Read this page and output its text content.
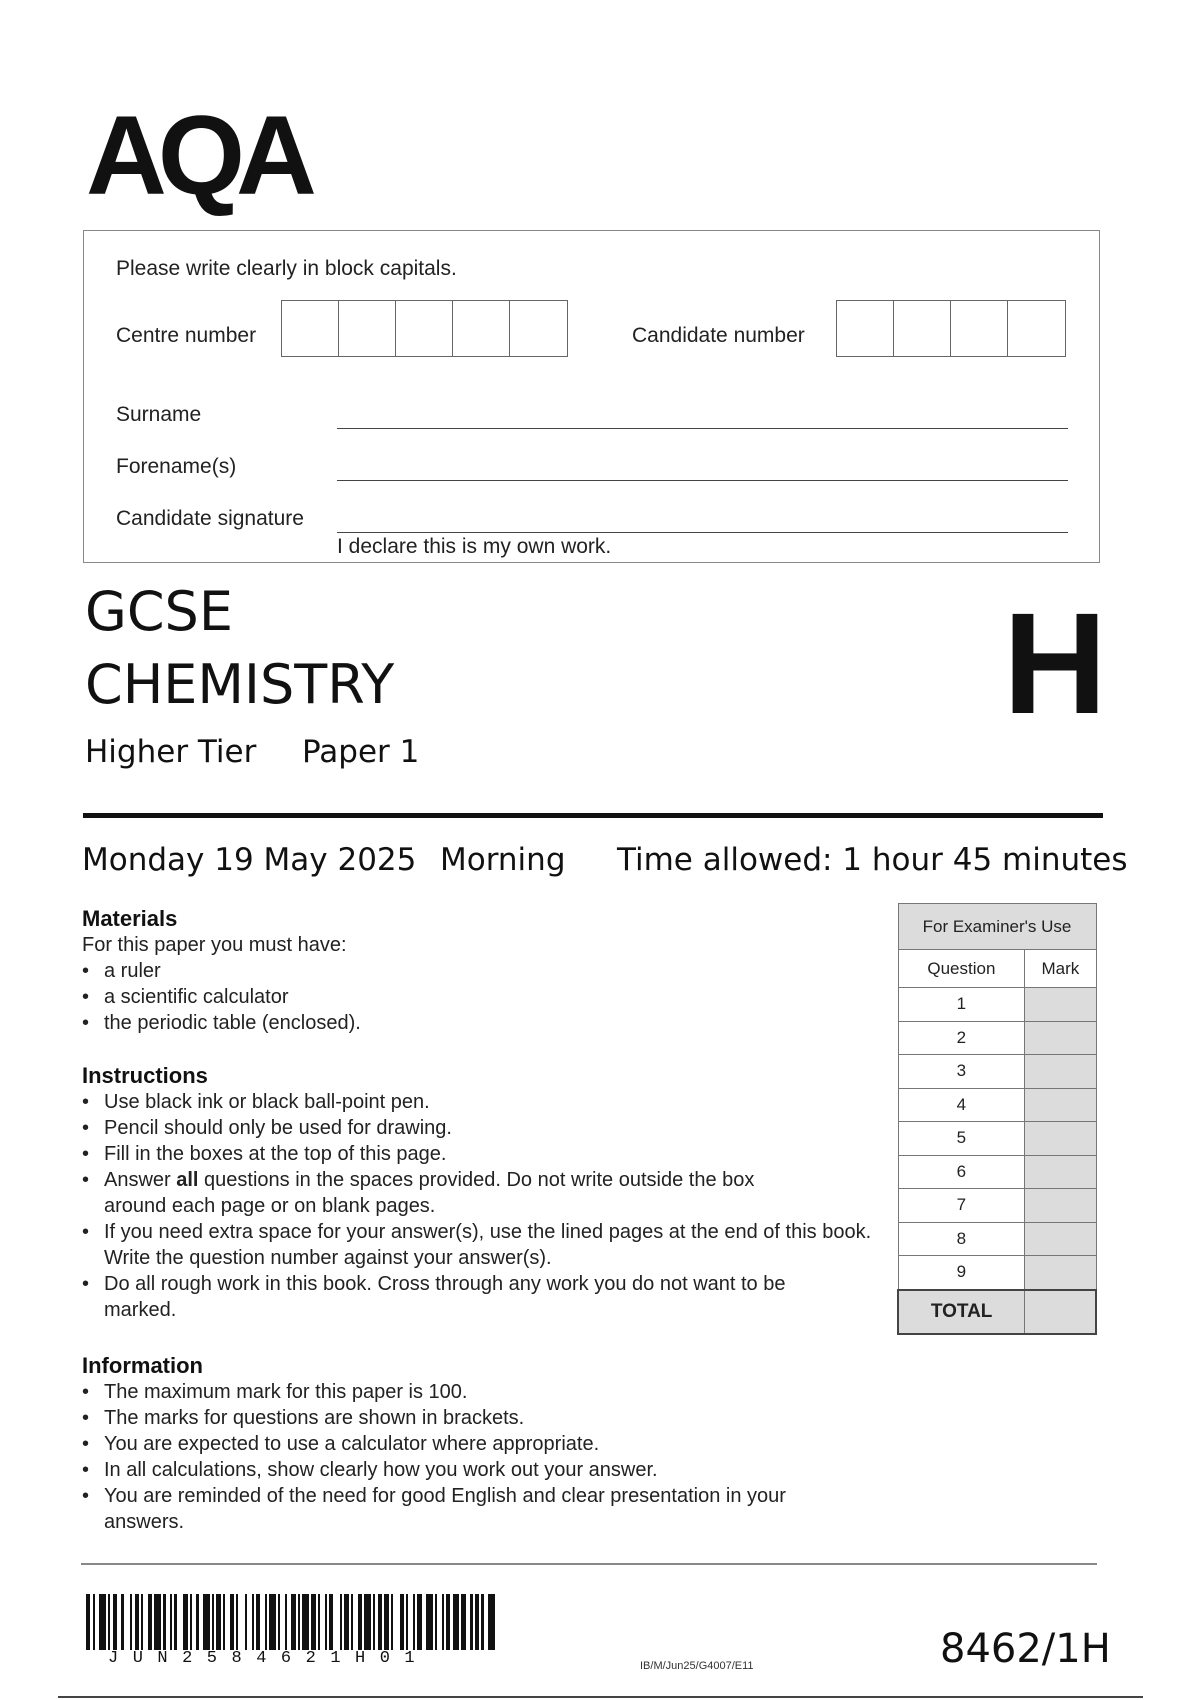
AQA
Please write clearly in block capitals.
Centre number	Candidate number
Surname
Forename(s)
Candidate signature
I declare this is my own work.
GCSE
CHEMISTRY
Higher Tier Paper 1
H
Monday 19 May 2025 Morning Time allowed: 1 hour 45 minutes
Materials
For this paper you must have:
• a ruler
• a scientific calculator
• the periodic table (enclosed).
Instructions
• Use black ink or black ball-point pen.
• Pencil should only be used for drawing.
• Fill in the boxes at the top of this page.
• Answer all questions in the spaces provided. Do not write outside the box around each page or on blank pages.
• If you need extra space for your answer(s), use the lined pages at the end of this book. Write the question number against your answer(s).
• Do all rough work in this book. Cross through any work you do not want to be marked.
Information
• The maximum mark for this paper is 100.
• The marks for questions are shown in brackets.
• You are expected to use a calculator where appropriate.
• In all calculations, show clearly how you work out your answer.
• You are reminded of the need for good English and clear presentation in your answers.
For Examiner's Use	
Question	Mark
1	
2	
3	
4	
5	
6	
7	
8	
9	
TOTAL	
JUN2584621H01	IB/M/Jun25/G4007/E11	8462/1H
